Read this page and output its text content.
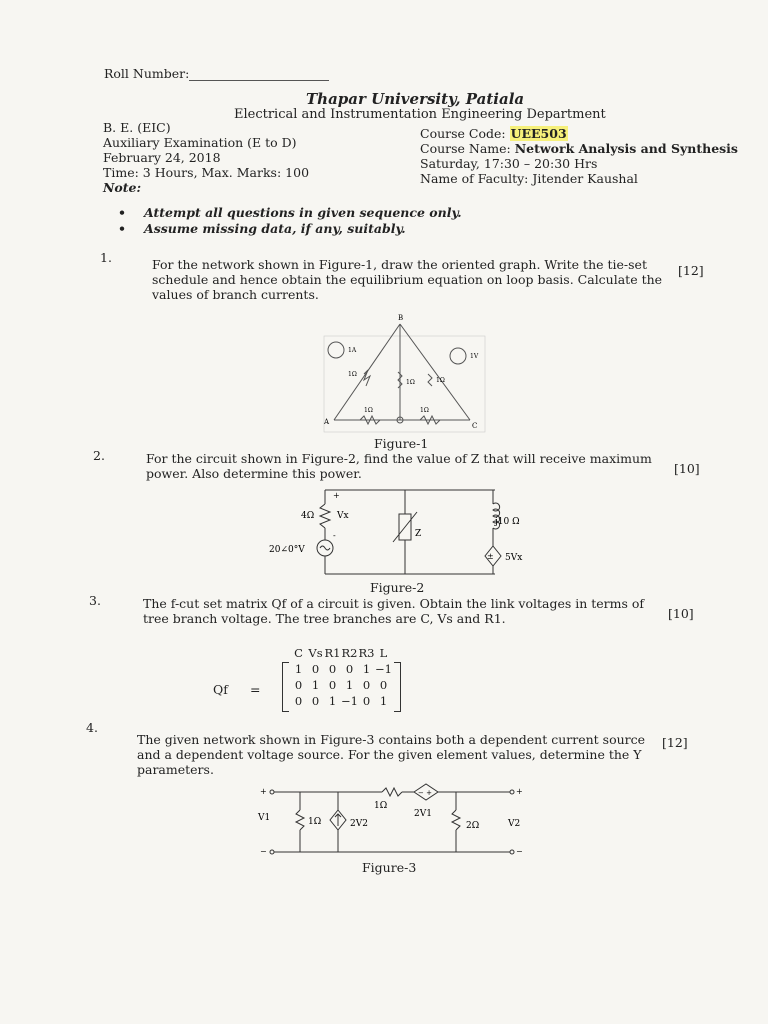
Roll Number:
Thapar University, Patiala
Electrical and Instrumentation Engineering Department
B. E. (EIC)
Auxiliary Examination (E to D)
February 24, 2018
Time: 3 Hours, Max. Marks: 100
Note:
Course Code: UEE503
Course Name: Network Analysis and Synthesis
Saturday, 17:30 – 20:30 Hrs
Name of Faculty: Jitender Kaushal
• Attempt all questions in given sequence only.
• Assume missing data, if any, suitably.
1.	For the network shown in Figure-1, draw the oriented graph. Write the tie-set schedule and hence obtain the equilibrium equation on loop basis. Calculate the values of branch currents.
[12]
B
A	C
1A
1V
1Ω
1Ω	1Ω
1Ω	1Ω
Figure-1
2.	For the circuit shown in Figure-2, find the value of Z that will receive maximum power. Also determine this power.	[10]
±
4Ω	Vx
+
-
20∠0°V
Z
j10 Ω
5Vx
Figure-2
3.	The f-cut set matrix Qf of a circuit is given. Obtain the link voltages in terms of tree branch voltage. The tree branches are C, Vs and R1.	[10]
Qf =
C Vs R1 R2 R3 L
1 0 0 0 1 −1
0 1 0 1 0 0
0 0 1 −1 0 1
4.
The given network shown in Figure-3 contains both a dependent current source and a dependent voltage source. For the given element values, determine the Y parameters.
[12]
− +
+
−
+
−
V1
V2
1Ω
1Ω
2Ω
2V2
2V1
Figure-3
